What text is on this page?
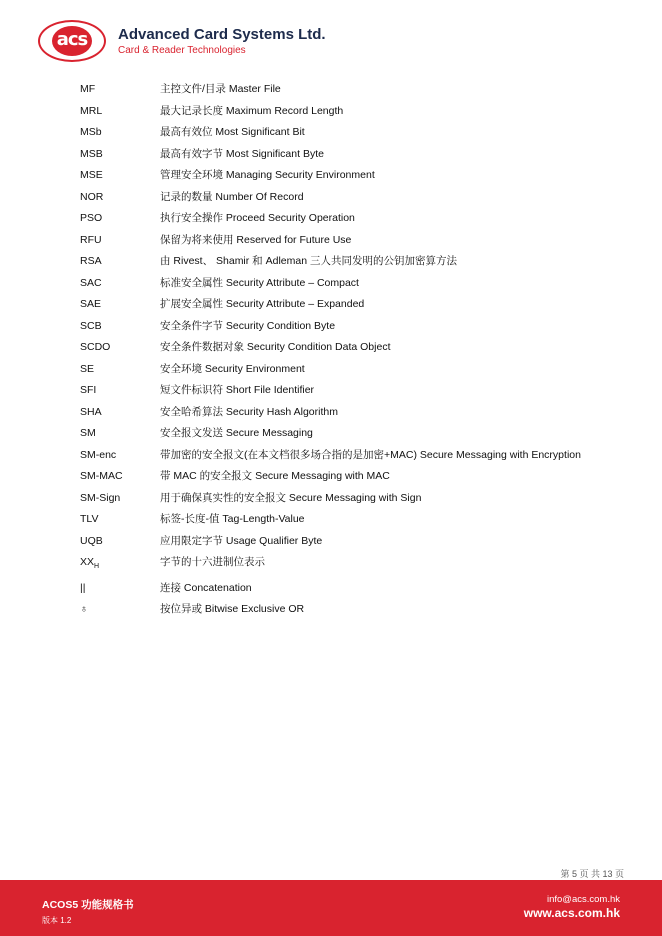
acs	Advanced Card Systems Ltd.
Card & Reader Technologies
MF	主控文件/目录 Master File
MRL	最大记录长度 Maximum Record Length
MSb	最高有效位 Most Significant Bit
MSB	最高有效字节 Most Significant Byte
MSE	管理安全环境 Managing Security Environment
NOR	记录的数量 Number Of Record
PSO	执行安全操作 Proceed Security Operation
RFU	保留为将来使用 Reserved for Future Use
RSA	由 Rivest、 Shamir 和 Adleman 三人共同发明的公钥加密算方法
SAC	标准安全属性 Security Attribute – Compact
SAE	扩展安全属性 Security Attribute – Expanded
SCB	安全条件字节 Security Condition Byte
SCDO	安全条件数据对象 Security Condition Data Object
SE	安全环境 Security Environment
SFI	短文件标识符 Short File Identifier
SHA	安全哈希算法 Security Hash Algorithm
SM	安全报文发送 Secure Messaging
SM-enc	带加密的安全报文(在本文档很多场合指的是加密+MAC) Secure Messaging with Encryption
SM-MAC	带 MAC 的安全报文 Secure Messaging with MAC
SM-Sign	用于确保真实性的安全报文 Secure Messaging with Sign
TLV	标签-长度-值 Tag-Length-Value
UQB	应用限定字节 Usage Qualifier Byte
$XX_H$	字节的十六进制位表示
||	连接 Concatenation
♁	按位异或 Bitwise Exclusive OR
第 5 页 共 13 页
ACOS5 功能规格书
版本 1.2
info@acs.com.hk
www.acs.com.hk
